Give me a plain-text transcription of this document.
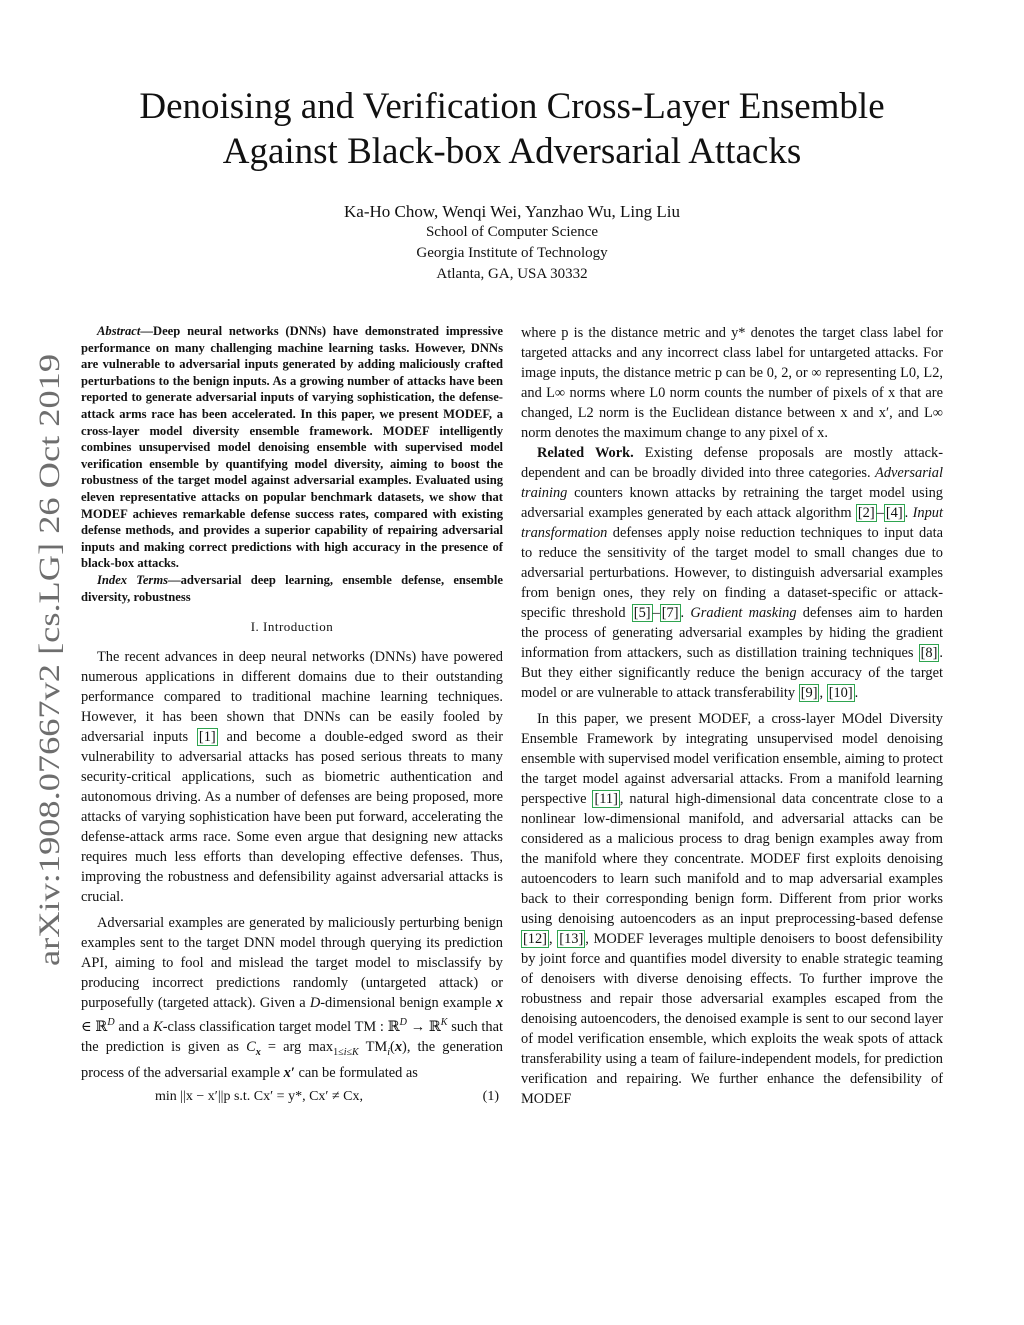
arXiv:1908.07667v2 [cs.LG] 26 Oct 2019
Denoising and Verification Cross-Layer Ensemble
Against Black-box Adversarial Attacks
Ka-Ho Chow, Wenqi Wei, Yanzhao Wu, Ling Liu
School of Computer Science
Georgia Institute of Technology
Atlanta, GA, USA 30332

Abstract—Deep neural networks (DNNs) have demonstrated impressive performance on many challenging machine learning tasks. However, DNNs are vulnerable to adversarial inputs generated by adding maliciously crafted perturbations to the benign inputs. As a growing number of attacks have been reported to generate adversarial inputs of varying sophistication, the defense-attack arms race has been accelerated. In this paper, we present MODEF, a cross-layer model diversity ensemble framework. MODEF intelligently combines unsupervised model denoising ensemble with supervised model verification ensemble by quantifying model diversity, aiming to boost the robustness of the target model against adversarial examples. Evaluated using eleven representative attacks on popular benchmark datasets, we show that MODEF achieves remarkable defense success rates, compared with existing defense methods, and provides a superior capability of repairing adversarial inputs and making correct predictions with high accuracy in the presence of black-box attacks.

Index Terms—adversarial deep learning, ensemble defense, ensemble diversity, robustness

I. Introduction

The recent advances in deep neural networks (DNNs) have powered numerous applications in different domains due to their outstanding performance compared to traditional machine learning techniques. However, it has been shown that DNNs can be easily fooled by adversarial inputs [1] and become a double-edged sword as their vulnerability to adversarial attacks has posed serious threats to many security-critical applications, such as biometric authentication and autonomous driving. As a number of defenses are being proposed, more attacks of varying sophistication have been put forward, accelerating the defense-attack arms race. Some even argue that designing new attacks requires much less efforts than developing effective defenses. Thus, improving the robustness and defensibility against adversarial attacks is crucial.

Adversarial examples are generated by maliciously perturbing benign examples sent to the target DNN model through querying its prediction API, aiming to fool and mislead the target model to misclassify by producing incorrect predictions randomly (untargeted attack) or purposefully (targeted attack). Given a D-dimensional benign example x ∈ ℝ$^D$ and a K-class classification target model TM : ℝ$^D$ → ℝ$^K$ such that the prediction is given as $C_x$ = arg $\max_{1\le i\le K} TM_i(x)$, the generation process of the adversarial example x′ can be formulated as

min ||x − x′||p s.t. Cx′ = y*, Cx′ ≠ Cx,	(1)

where p is the distance metric and y* denotes the target class label for targeted attacks and any incorrect class label for untargeted attacks. For image inputs, the distance metric p can be 0, 2, or ∞ representing L0, L2, and L∞ norms where L0 norm counts the number of pixels of x that are changed, L2 norm is the Euclidean distance between x and x′, and L∞ norm denotes the maximum change to any pixel of x.

Related Work. Existing defense proposals are mostly attack-dependent and can be broadly divided into three categories. Adversarial training counters known attacks by retraining the target model using adversarial examples generated by each attack algorithm [2] – [4] . Input transformation defenses apply noise reduction techniques to input data to reduce the sensitivity of the target model to small changes due to adversarial perturbations. However, to distinguish adversarial examples from benign ones, they rely on finding a dataset-specific or attack-specific threshold [5] – [7] . Gradient masking defenses aim to harden the process of generating adversarial examples by hiding the gradient information from attackers, such as distillation training techniques [8] . But they either significantly reduce the benign accuracy of the target model or are vulnerable to attack transferability [9] , [10] .

In this paper, we present MODEF, a cross-layer MOdel Diversity Ensemble Framework by integrating unsupervised model denoising ensemble with supervised model verification ensemble, aiming to protect the target model against adversarial attacks. From a manifold learning perspective [11] , natural high-dimensional data concentrate close to a nonlinear low-dimensional manifold, and adversarial attacks can be considered as a malicious process to drag benign examples away from the manifold where they concentrate. MODEF first exploits denoising autoencoders to learn such manifold and to map adversarial examples back to their corresponding benign form. Different from prior works using denoising autoencoders as an input preprocessing-based defense [12] , [13] , MODEF leverages multiple denoisers to boost defensibility by joint force and quantifies model diversity to enable strategic teaming of denoisers with diverse denoising effects. To further improve the robustness and repair those adversarial examples escaped from the denoising autoencoders, the denoised example is sent to our second layer of model verification ensemble, which exploits the weak spots of attack transferability using a team of failure-independent models, for prediction verification and repairing. We further enhance the defensibility of MODEF
